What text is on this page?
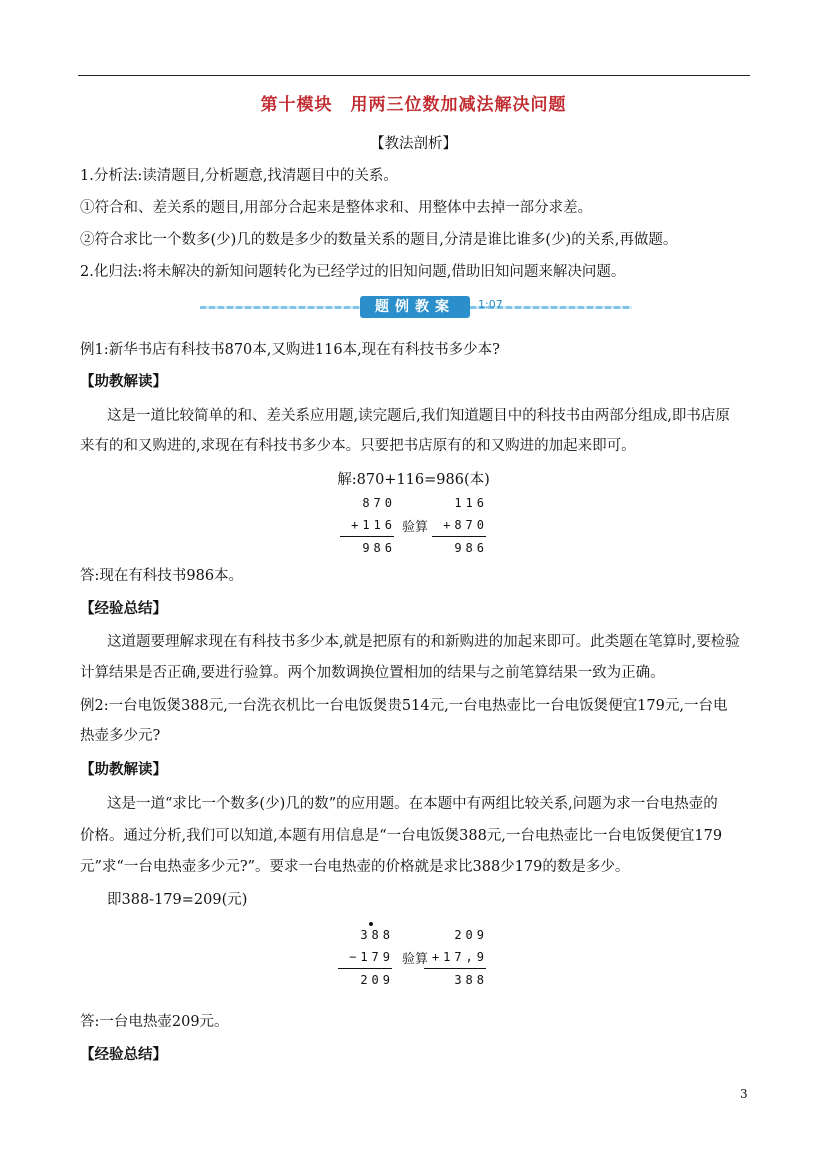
第十模块　用两三位数加减法解决问题
【教法剖析】
1.分析法:读清题目,分析题意,找清题目中的关系。
①符合和、差关系的题目,用部分合起来是整体求和、用整体中去掉一部分求差。
②符合求比一个数多(少)几的数是多少的数量关系的题目,分清是谁比谁多(少)的关系,再做题。
2.化归法:将未解决的新知问题转化为已经学过的旧知问题,借助旧知问题来解决问题。
题例教案	1:07
例1:新华书店有科技书870本,又购进116本,现在有科技书多少本?
【助教解读】
这是一道比较简单的和、差关系应用题,读完题后,我们知道题目中的科技书由两部分组成,即书店原
来有的和又购进的,求现在有科技书多少本。只要把书店原有的和又购进的加起来即可。
解:870+116=986(本)
870
+116
986
验算
116
+870
986
答:现在有科技书986本。
【经验总结】
这道题要理解求现在有科技书多少本,就是把原有的和新购进的加起来即可。此类题在笔算时,要检验
计算结果是否正确,要进行验算。两个加数调换位置相加的结果与之前笔算结果一致为正确。
例2:一台电饭煲388元,一台洗衣机比一台电饭煲贵514元,一台电热壶比一台电饭煲便宜179元,一台电
热壶多少元?
【助教解读】
这是一道“求比一个数多(少)几的数”的应用题。在本题中有两组比较关系,问题为求一台电热壶的
价格。通过分析,我们可以知道,本题有用信息是“一台电饭煲388元,一台电热壶比一台电饭煲便宜179
元”求“一台电热壶多少元?”。要求一台电热壶的价格就是求比388少179的数是多少。
即388-179=209(元)
388
−179
209
验算
209
+17,9
388
答:一台电热壶209元。
【经验总结】
3
